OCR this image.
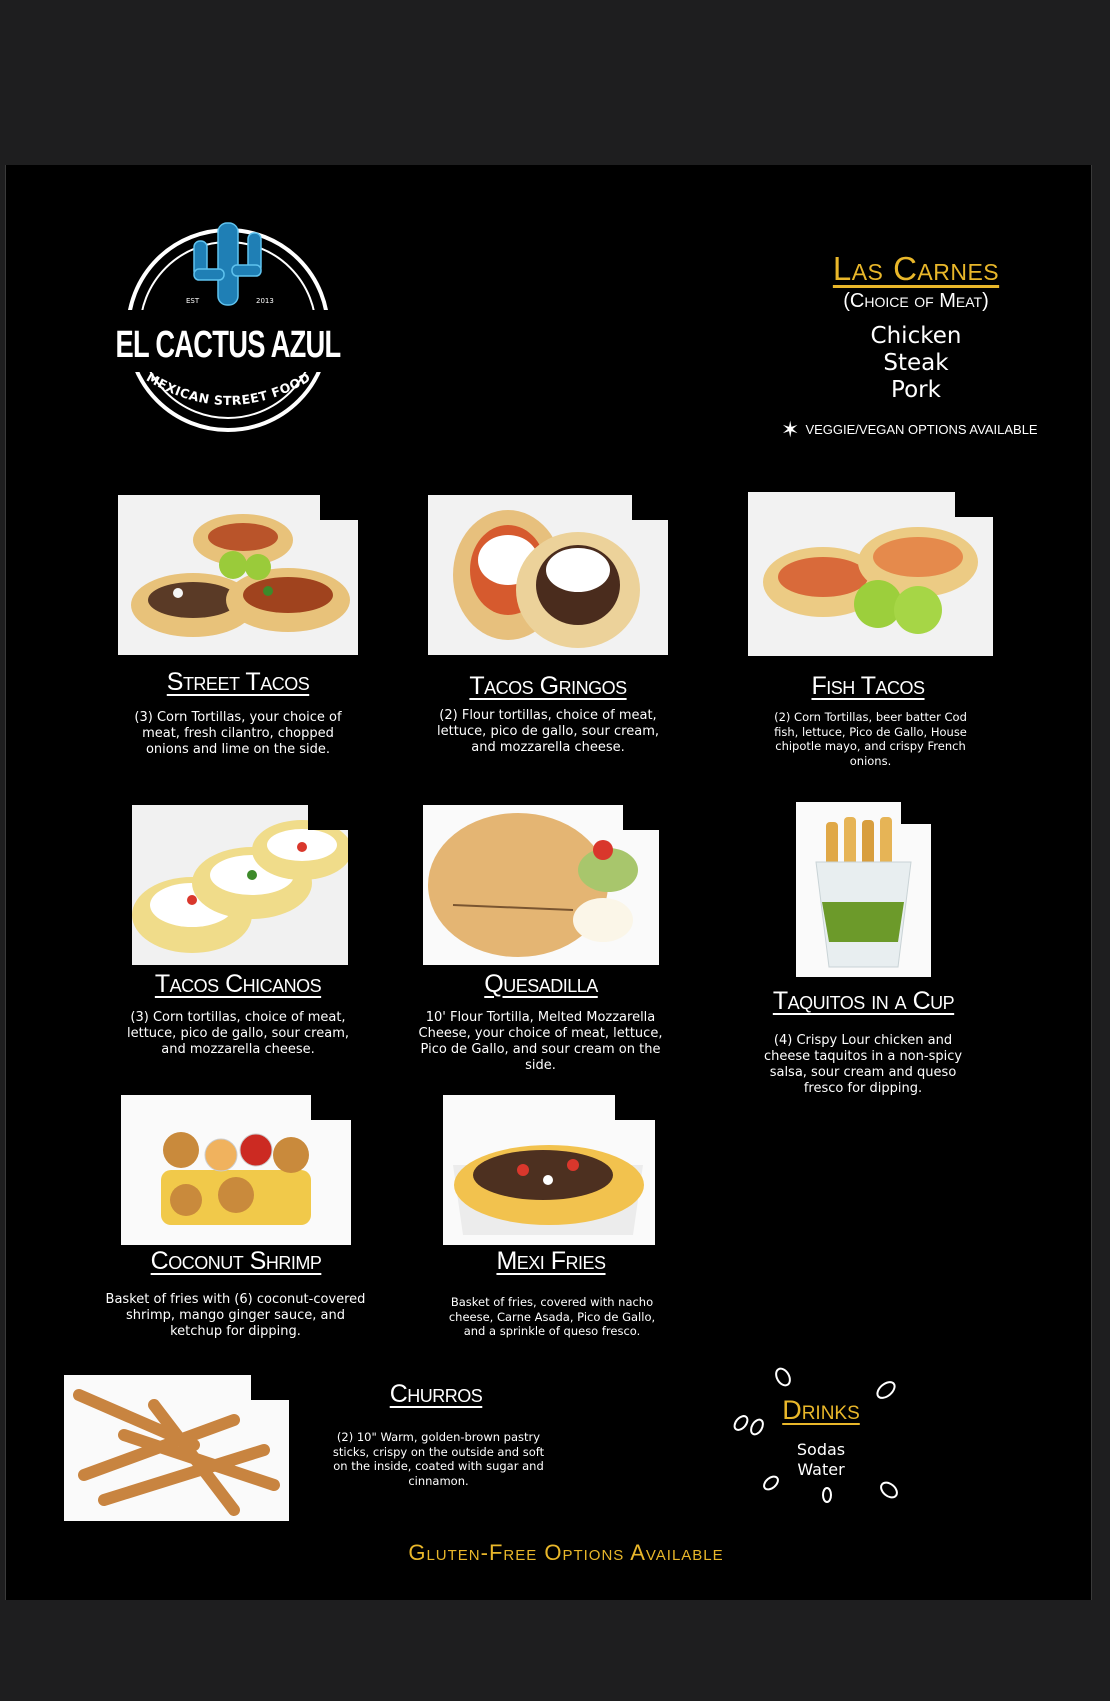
EST	2013
EL CACTUS AZUL
MEXICAN STREET FOOD
Las Carnes
(Choice of Meat)
Chicken
Steak
Pork
✶ VEGGIE/VEGAN OPTIONS AVAILABLE
Street Tacos
(3) Corn Tortillas, your choice of meat, fresh cilantro, chopped onions and lime on the side.
Tacos Gringos
(2) Flour tortillas, choice of meat, lettuce, pico de gallo, sour cream, and mozzarella cheese.
Fish Tacos
(2) Corn Tortillas, beer batter Cod fish, lettuce, Pico de Gallo, House chipotle mayo, and crispy French onions.
Tacos Chicanos
(3) Corn tortillas, choice of meat, lettuce, pico de gallo, sour cream, and mozzarella cheese.
Quesadilla
10' Flour Tortilla, Melted Mozzarella Cheese, your choice of meat, lettuce, Pico de Gallo, and sour cream on the side.
Taquitos in a Cup
(4) Crispy Lour chicken and cheese taquitos in a non-spicy salsa, sour cream and queso fresco for dipping.
Coconut Shrimp
Basket of fries with (6) coconut-covered shrimp, mango ginger sauce, and ketchup for dipping.
Mexi Fries
Basket of fries, covered with nacho cheese, Carne Asada, Pico de Gallo, and a sprinkle of queso fresco.
Churros
(2) 10" Warm, golden-brown pastry sticks, crispy on the outside and soft on the inside, coated with sugar and cinnamon.
Drinks
Sodas
Water
Gluten-Free Options Available
